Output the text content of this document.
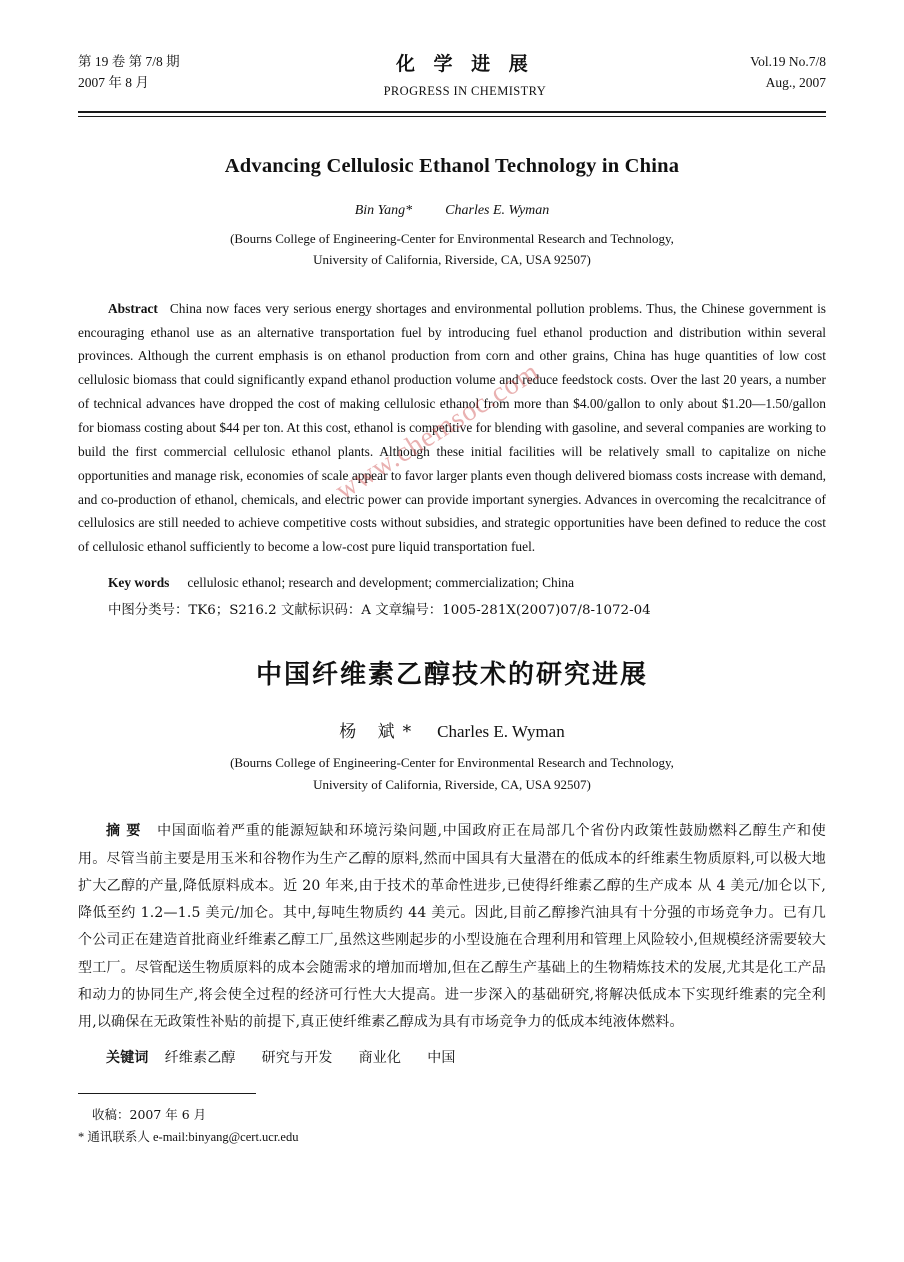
第 19 卷 第 7/8 期
2007 年 8 月
化 学 进 展
PROGRESS IN CHEMISTRY
Vol.19 No.7/8
Aug., 2007
Advancing Cellulosic Ethanol Technology in China
Bin Yang* Charles E. Wyman
(Bourns College of Engineering-Center for Environmental Research and Technology,
University of California, Riverside, CA, USA 92507)
Abstract China now faces very serious energy shortages and environmental pollution problems. Thus, the Chinese government is encouraging ethanol use as an alternative transportation fuel by introducing fuel ethanol production and distribution within several provinces. Although the current emphasis is on ethanol production from corn and other grains, China has huge quantities of low cost cellulosic biomass that could significantly expand ethanol production volume and reduce feedstock costs. Over the last 20 years, a number of technical advances have dropped the cost of making cellulosic ethanol from more than $4.00/gallon to only about $1.20—1.50/gallon for biomass costing about $44 per ton. At this cost, ethanol is competitive for blending with gasoline, and several companies are working to build the first commercial cellulosic ethanol plants. Although these initial facilities will be relatively small to capitalize on niche opportunities and manage risk, economies of scale appear to favor larger plants even though delivered biomass costs increase with demand, and co-production of ethanol, chemicals, and electric power can provide important synergies. Advances in overcoming the recalcitrance of cellulosics are still needed to achieve competitive costs without subsidies, and strategic opportunities have been defined to reduce the cost of cellulosic ethanol sufficiently to become a low-cost pure liquid transportation fuel.
Key words cellulosic ethanol; research and development; commercialization; China
中图分类号：TK6；S216.2 文献标识码：A 文章编号：1005-281X(2007)07/8-1072-04
中国纤维素乙醇技术的研究进展
杨 斌* Charles E. Wyman
(Bourns College of Engineering-Center for Environmental Research and Technology,
University of California, Riverside, CA, USA 92507)
摘 要 中国面临着严重的能源短缺和环境污染问题,中国政府正在局部几个省份内政策性鼓励燃料乙醇生产和使用。尽管当前主要是用玉米和谷物作为生产乙醇的原料,然而中国具有大量潜在的低成本的纤维素生物质原料,可以极大地扩大乙醇的产量,降低原料成本。近 20 年来,由于技术的革命性进步,已使得纤维素乙醇的生产成本 从 4 美元/加仑以下,降低至约 1.2—1.5 美元/加仑。其中,每吨生物质约 44 美元。因此,目前乙醇掺汽油具有十分强的市场竞争力。已有几个公司正在建造首批商业纤维素乙醇工厂,虽然这些刚起步的小型设施在合理利用和管理上风险较小,但规模经济需要较大型工厂。尽管配送生物质原料的成本会随需求的增加而增加,但在乙醇生产基础上的生物精炼技术的发展,尤其是化工产品和动力的协同生产,将会使全过程的经济可行性大大提高。进一步深入的基础研究,将解决低成本下实现纤维素的完全利用,以确保在无政策性补贴的前提下,真正使纤维素乙醇成为具有市场竞争力的低成本纯液体燃料。
关键词 纤维素乙醇 研究与开发 商业化 中国
收稿：2007 年 6 月
* 通讯联系人 e-mail:binyang@cert.ucr.edu
www.chemsoc.com
